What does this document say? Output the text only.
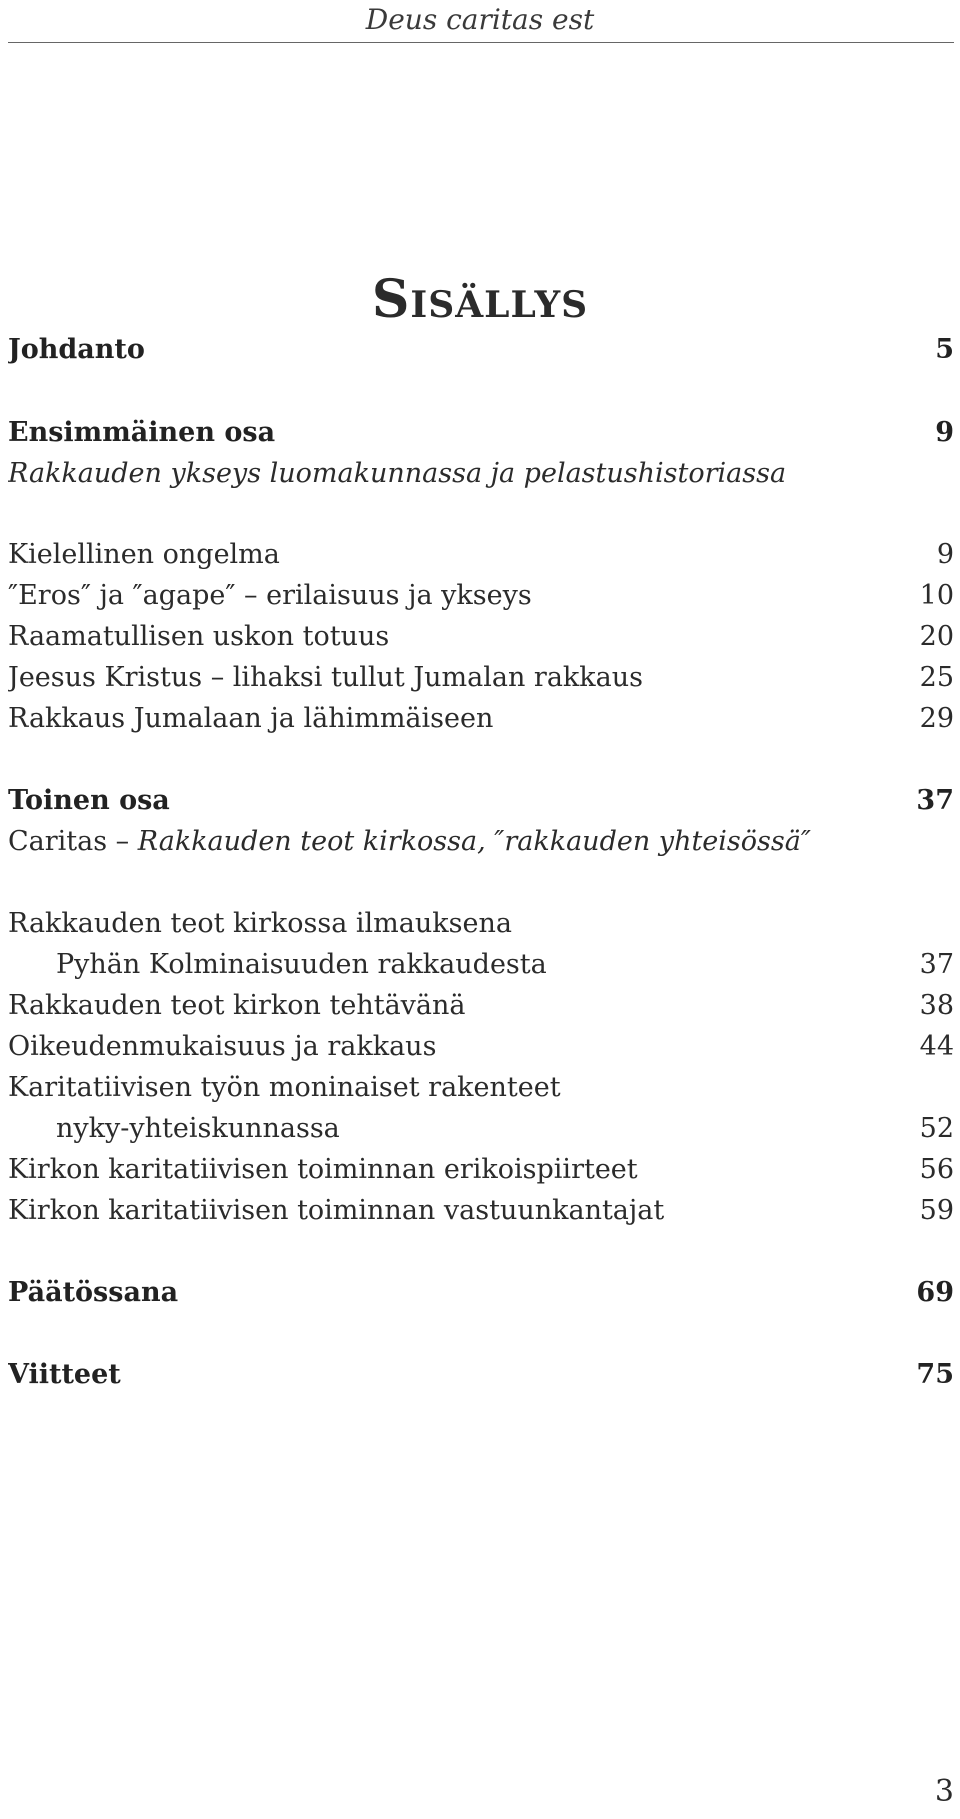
Deus caritas est
Sisällys
Johdanto	5
Ensimmäinen osa	9
Rakkauden ykseys luomakunnassa ja pelastushistoriassa
Kielellinen ongelma	9
″Eros″ ja ″agape″ – erilaisuus ja ykseys	10
Raamatullisen uskon totuus	20
Jeesus Kristus – lihaksi tullut Jumalan rakkaus	25
Rakkaus Jumalaan ja lähimmäiseen	29
Toinen osa	37
Caritas – Rakkauden teot kirkossa, ″rakkauden yhteisössä″
Rakkauden teot kirkossa ilmauksena
Pyhän Kolminaisuuden rakkaudesta	37
Rakkauden teot kirkon tehtävänä	38
Oikeudenmukaisuus ja rakkaus	44
Karitatiivisen työn moninaiset rakenteet
nyky-yhteiskunnassa	52
Kirkon karitatiivisen toiminnan erikoispiirteet	56
Kirkon karitatiivisen toiminnan vastuunkantajat	59
Päätössana	69
Viitteet	75
3
